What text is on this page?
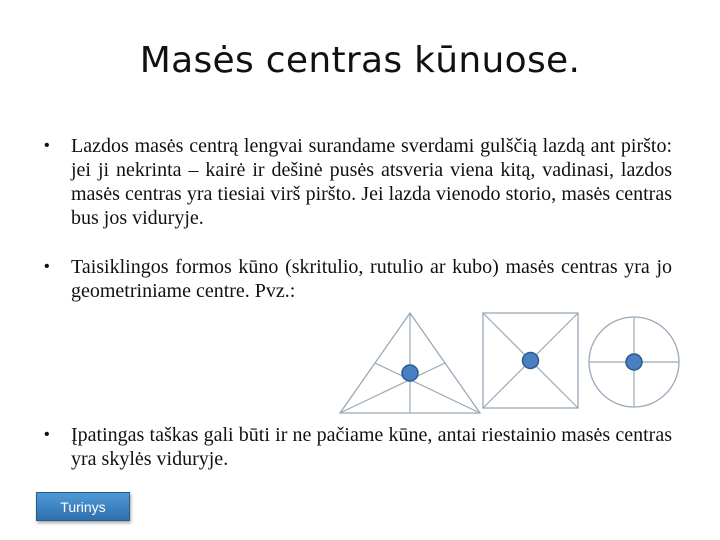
Masės centras kūnuose.
•	Lazdos masės centrą lengvai surandame sverdami gulščią lazdą ant piršto: jei ji nekrinta – kairė ir dešinė pusės atsveria viena kitą, vadinasi, lazdos masės centras yra tiesiai virš piršto. Jei lazda vienodo storio, masės centras bus jos viduryje.
•	Taisiklingos formos kūno (skritulio, rutulio ar kubo) masės centras yra jo geometriniame centre. Pvz.:
•	Įpatingas taškas gali būti ir ne pačiame kūne, antai riestainio masės centras yra skylės viduryje.
Turinys
